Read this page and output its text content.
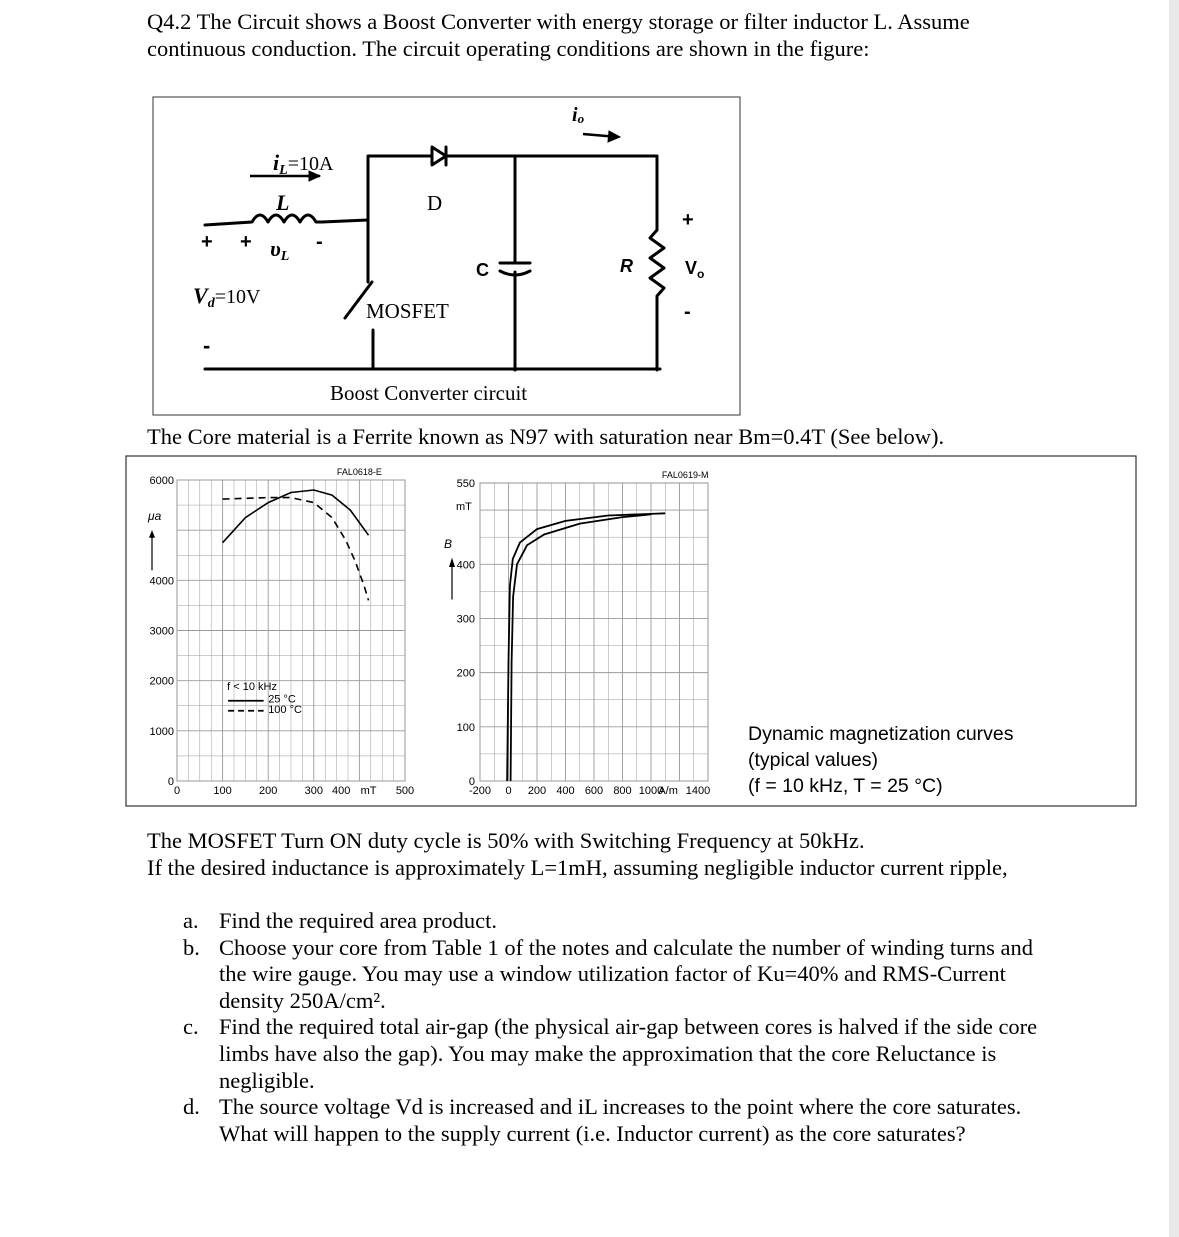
Q4.2 The Circuit shows a Boost Converter with energy storage or filter inductor L. Assume continuous conduction. The circuit operating conditions are shown in the figure:

iL=10A
L
+ + υL
-
Vd=10V
-
D
C
MOSFET
io
R
+
$V_o$
-
Boost Converter circuit

The Core material is a Ferrite known as N97 with saturation near Bm=0.4T (See below).

0	100 200 300 400	500
0
1000
2000
3000
4000
6000
FAL0618-E
μa
mT
f < 10 kHz
25 °C
100 °C
-200 0 200 400 600 800 1000 1400
0
100
200
300
400
550
FAL0619-M
B
mT
A/m
Dynamic magnetization curves
(typical values)
(f = 10 kHz, T = 25 °C)
The MOSFET Turn ON duty cycle is 50% with Switching Frequency at 50kHz.
If the desired inductance is approximately L=1mH, assuming negligible inductor current ripple,
a. Find the required area product.
b. Choose your core from Table 1 of the notes and calculate the number of winding turns and the wire gauge. You may use a window utilization factor of Ku=40% and RMS-Current density 250A/cm².
c. Find the required total air-gap (the physical air-gap between cores is halved if the side core limbs have also the gap). You may make the approximation that the core Reluctance is negligible.
d. The source voltage Vd is increased and iL increases to the point where the core saturates. What will happen to the supply current (i.e. Inductor current) as the core saturates?
